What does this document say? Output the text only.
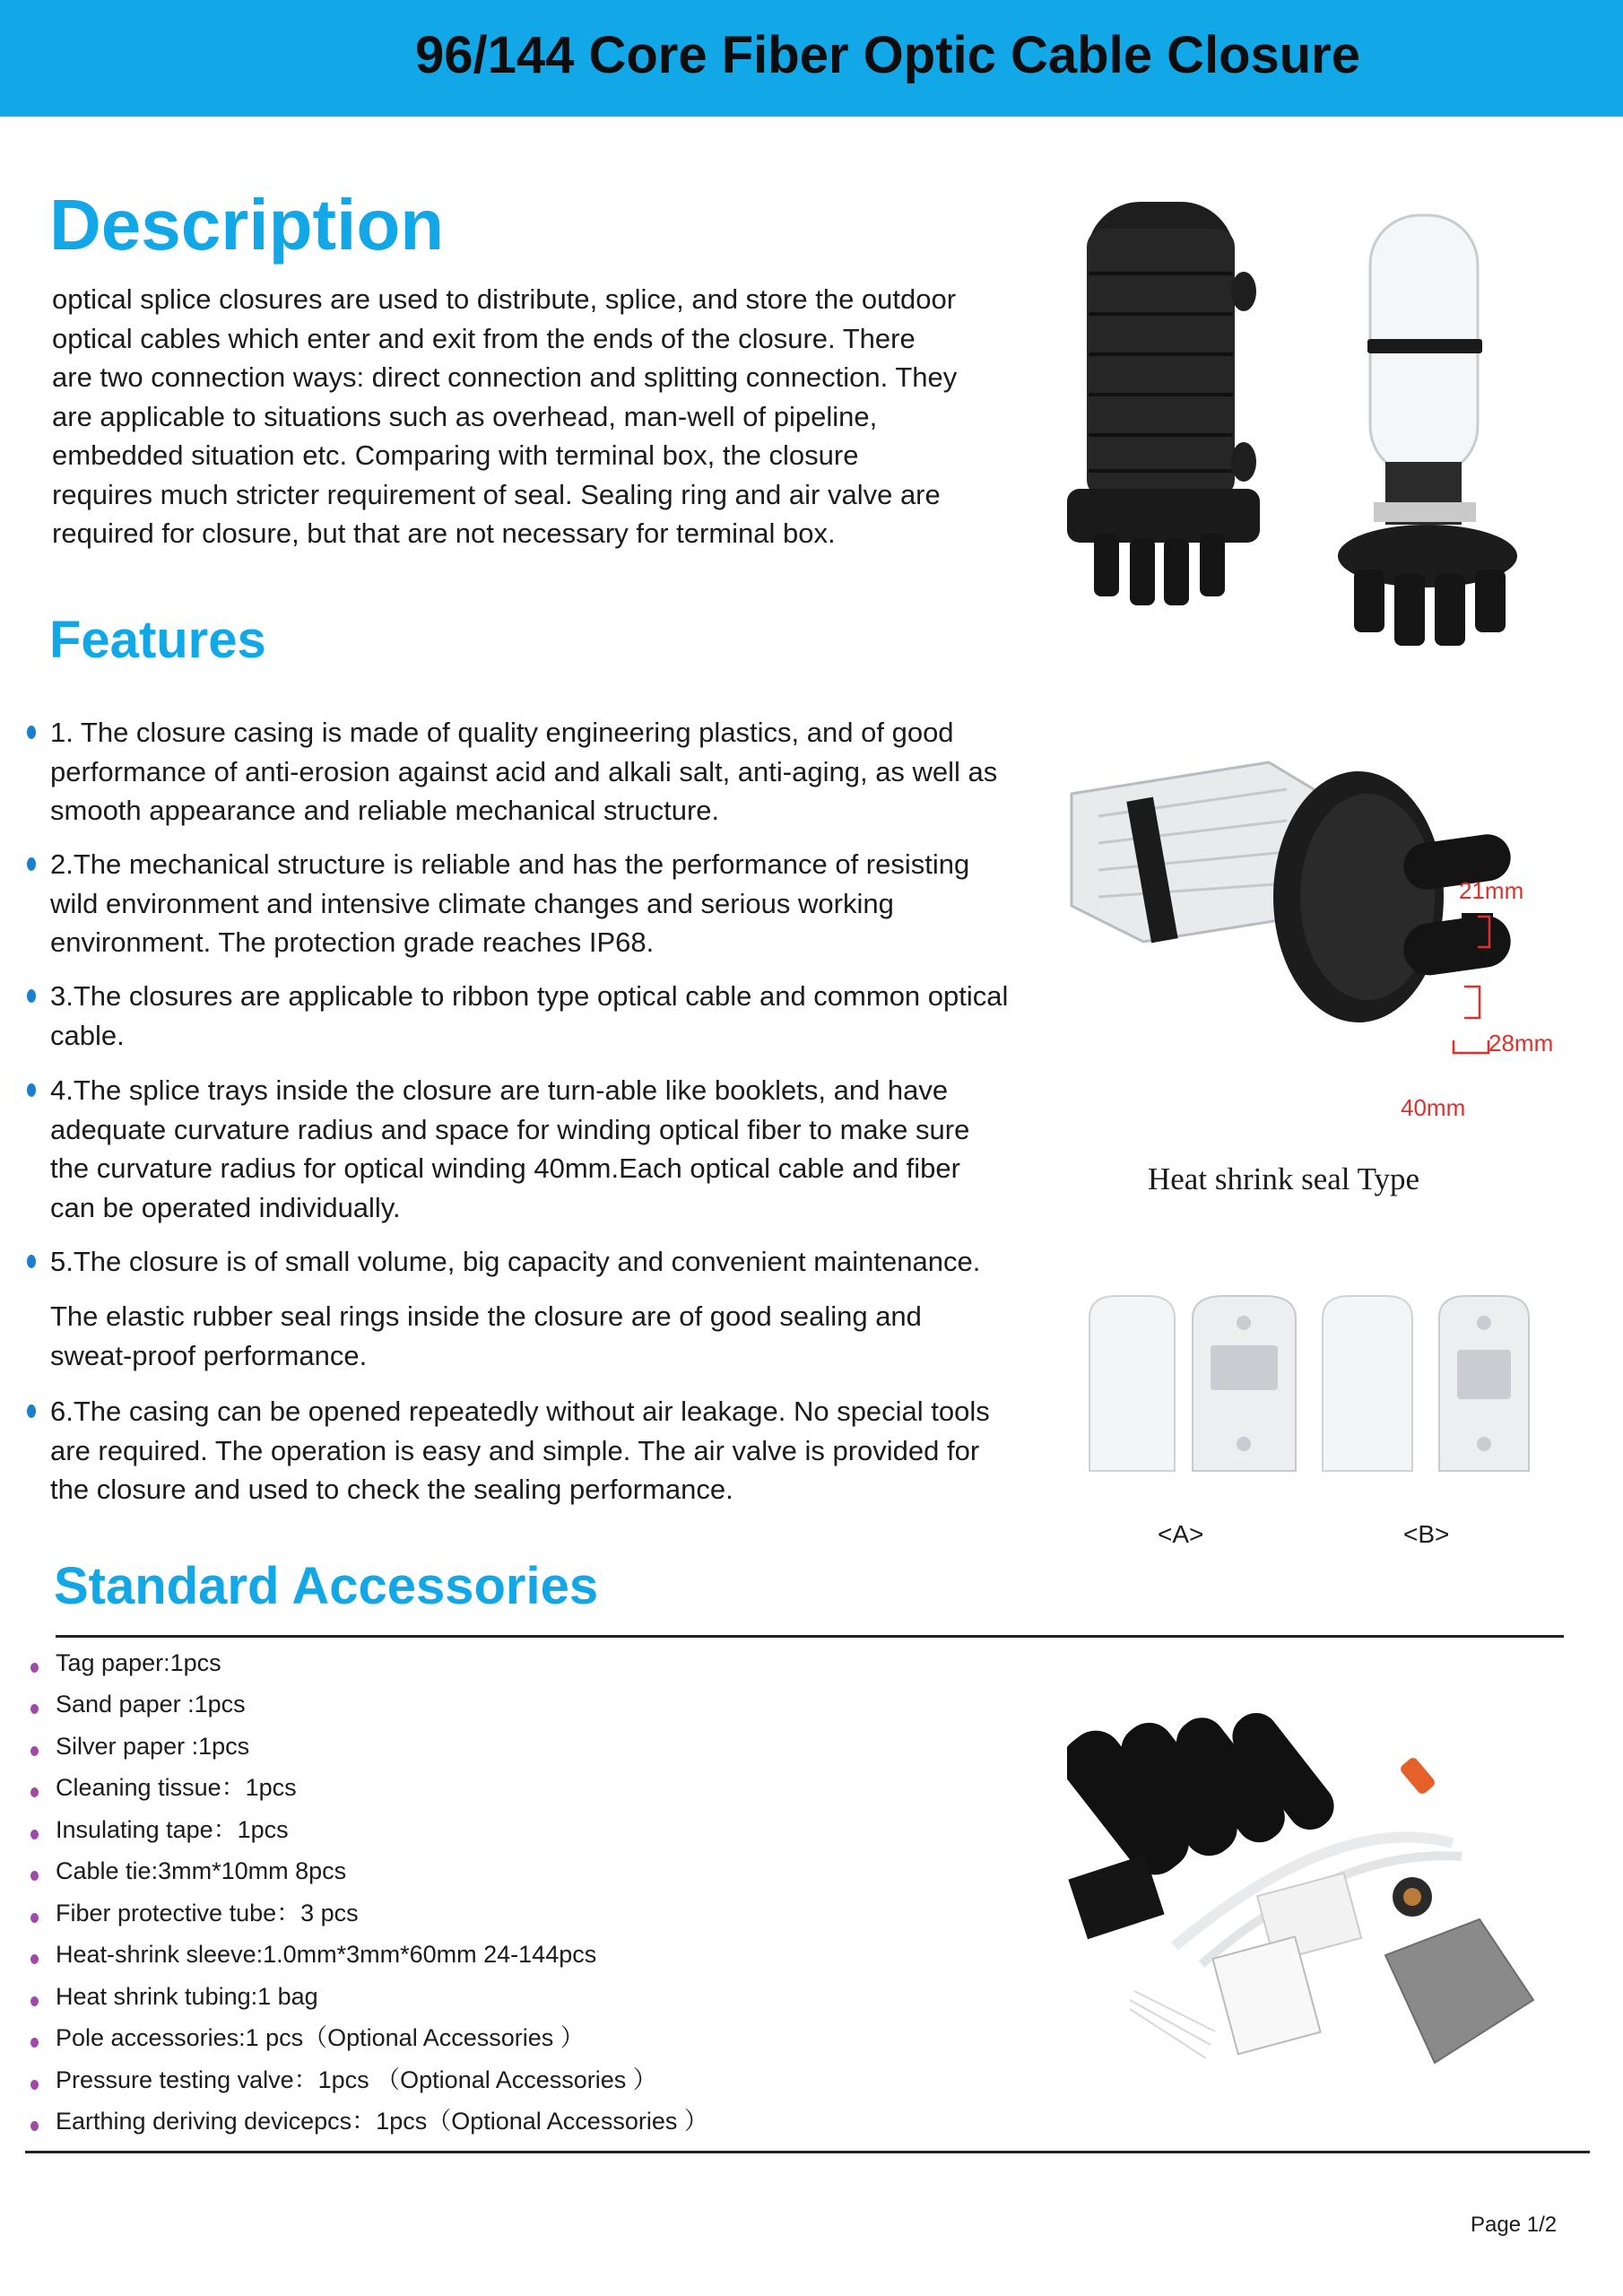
96/144 Core Fiber Optic Cable Closure
Description

optical splice closures are used to distribute, splice, and store the outdoor optical cables which enter and exit from the ends of the closure. There are two connection ways: direct connection and splitting connection. They are applicable to situations such as overhead, man-well of pipeline, embedded situation etc. Comparing with terminal box, the closure requires much stricter requirement of seal. Sealing ring and air valve are required for closure, but that are not necessary for terminal box.

Features
1. The closure casing is made of quality engineering plastics, and of good performance of anti-erosion against acid and alkali salt, anti-aging, as well as smooth appearance and reliable mechanical structure.
2.The mechanical structure is reliable and has the performance of resisting wild environment and intensive climate changes and serious working environment. The protection grade reaches IP68.
3.The closures are applicable to ribbon type optical cable and common optical cable.
4.The splice trays inside the closure are turn-able like booklets, and have adequate curvature radius and space for winding optical fiber to make sure the curvature radius for optical winding 40mm.Each optical cable and fiber can be operated individually.
5.The closure is of small volume, big capacity and convenient maintenance.
The elastic rubber seal rings inside the closure are of good sealing and sweat-proof performance.
6.The casing can be opened repeatedly without air leakage. No special tools are required. The operation is easy and simple. The air valve is provided for the closure and used to check the sealing performance.
21mm
28mm
40mm
Heat shrink seal Type
<A>	<B>
Standard Accessories
Tag paper:1pcs
Sand paper :1pcs
Silver paper :1pcs
Cleaning tissue：1pcs
Insulating tape：1pcs
Cable tie:3mm*10mm 8pcs
Fiber protective tube：3 pcs
Heat-shrink sleeve:1.0mm*3mm*60mm 24-144pcs
Heat shrink tubing:1 bag
Pole accessories:1 pcs（Optional Accessories ）
Pressure testing valve：1pcs （Optional Accessories ）
Earthing deriving devicepcs：1pcs（Optional Accessories ）
Page 1/2
